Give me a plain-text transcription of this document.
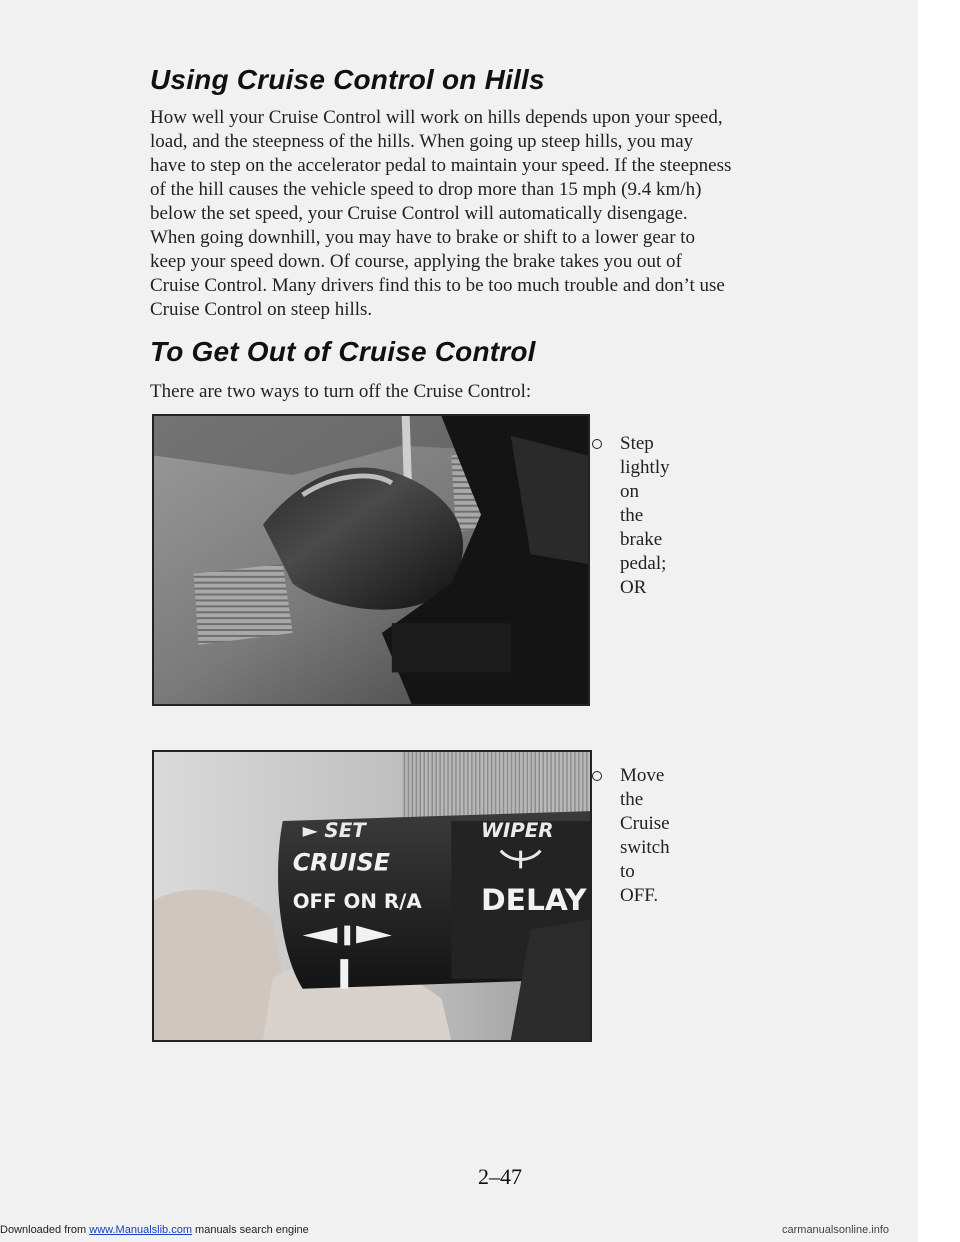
Using Cruise Control on Hills

How well your Cruise Control will work on hills depends upon your speed,

load, and the steepness of the hills. When going up steep hills, you may

have to step on the accelerator pedal to maintain your speed. If the steepness

of the hill causes the vehicle speed to drop more than 15 mph (9.4 km/h)

below the set speed, your Cruise Control will automatically disengage.

When going downhill, you may have to brake or shift to a lower gear to

keep your speed down. Of course, applying the brake takes you out of

Cruise Control. Many drivers find this to be too much trouble and don’t use

Cruise Control on steep hills.

To Get Out of Cruise Control

There are two ways to turn off the Cruise Control:

Step lightly on
the brake pedal;
OR
► SET
CRUISE
OFF ON R/A
WIPER
DELAY
Move the Cruise
switch to OFF.
2–47
Downloaded from www.Manualslib.com manuals search engine	carmanualsonline.info
